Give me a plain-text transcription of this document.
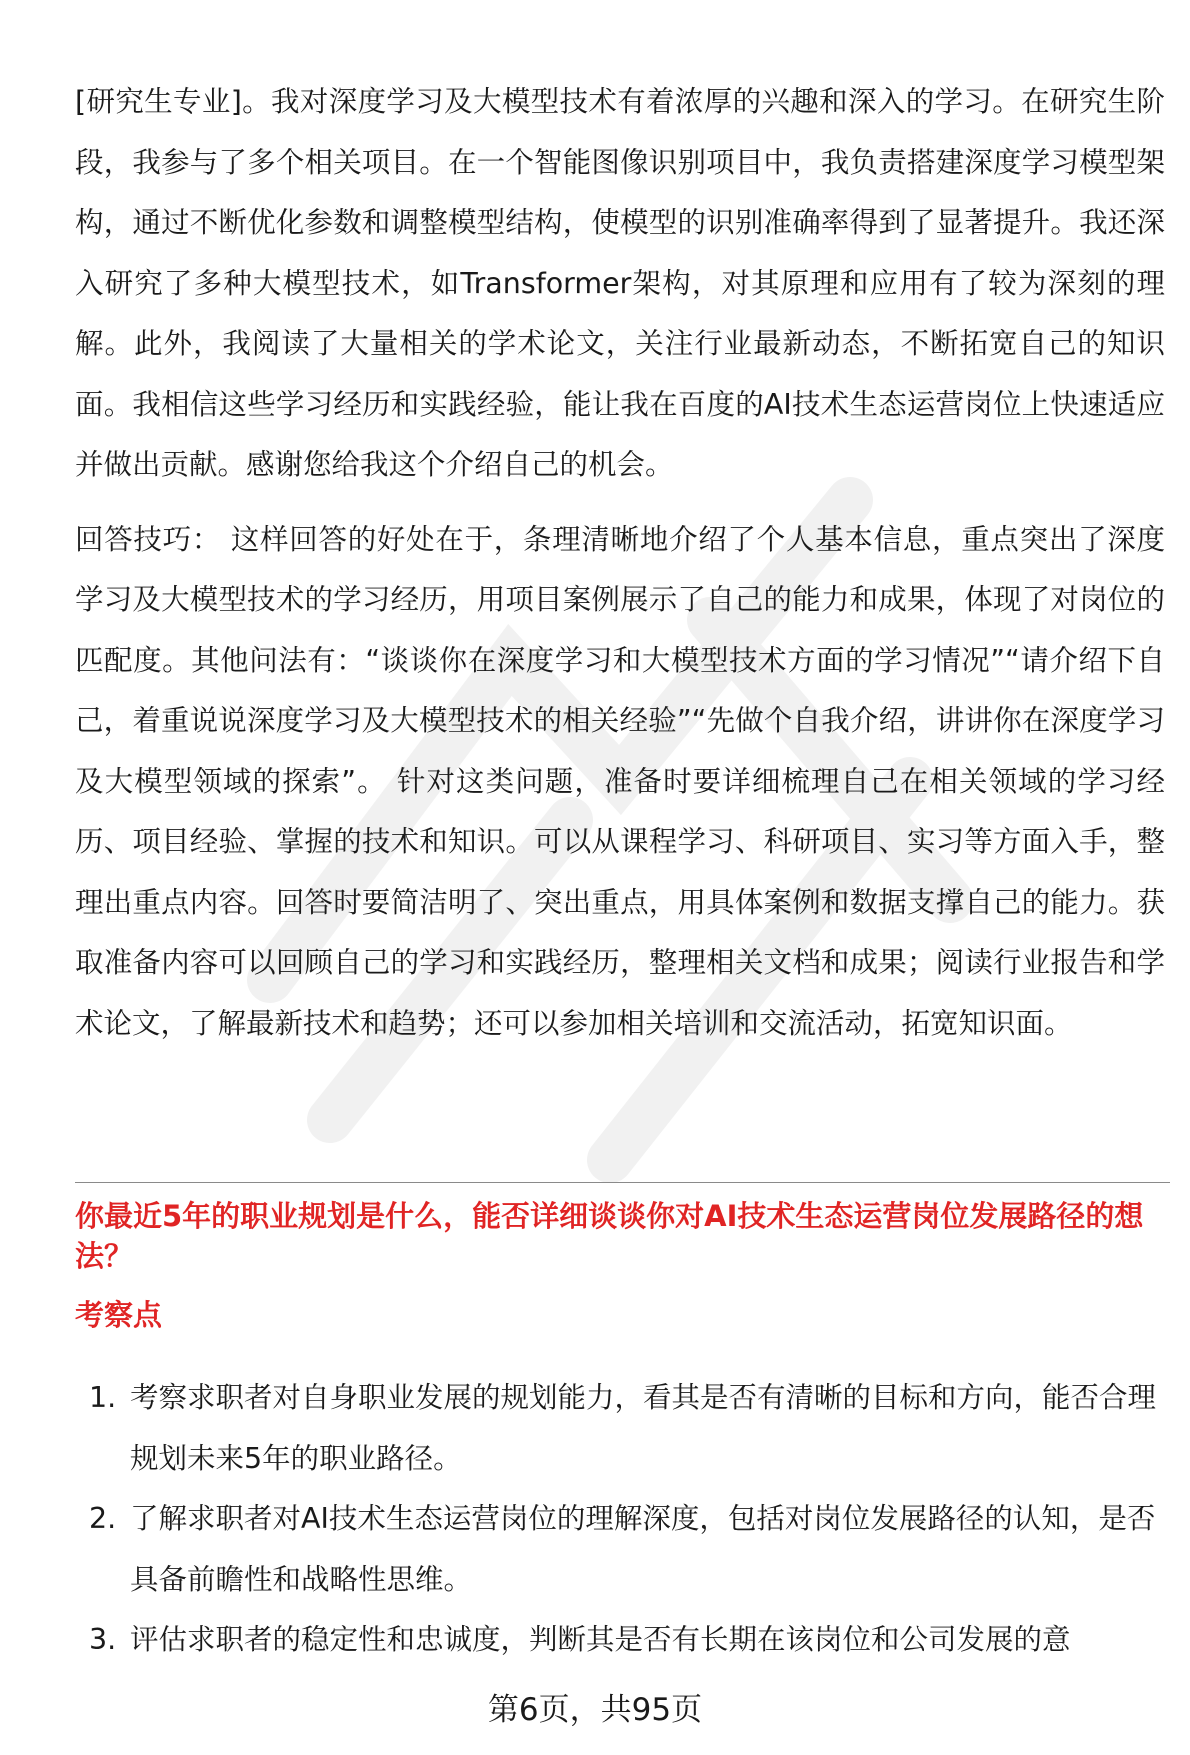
[研究生专业]。我对深度学习及大模型技术有着浓厚的兴趣和深入的学习。在研究生阶段，我参与了多个相关项目。在一个智能图像识别项目中，我负责搭建深度学习模型架构，通过不断优化参数和调整模型结构，使模型的识别准确率得到了显著提升。我还深入研究了多种大模型技术，如Transformer架构，对其原理和应用有了较为深刻的理解。此外，我阅读了大量相关的学术论文，关注行业最新动态，不断拓宽自己的知识面。我相信这些学习经历和实践经验，能让我在百度的AI技术生态运营岗位上快速适应并做出贡献。感谢您给我这个介绍自己的机会。

回答技巧： 这样回答的好处在于，条理清晰地介绍了个人基本信息，重点突出了深度学习及大模型技术的学习经历，用项目案例展示了自己的能力和成果，体现了对岗位的匹配度。其他问法有：“谈谈你在深度学习和大模型技术方面的学习情况”“请介绍下自己，着重说说深度学习及大模型技术的相关经验”“先做个自我介绍，讲讲你在深度学习及大模型领域的探索”。 针对这类问题，准备时要详细梳理自己在相关领域的学习经历、项目经验、掌握的技术和知识。可以从课程学习、科研项目、实习等方面入手，整理出重点内容。回答时要简洁明了、突出重点，用具体案例和数据支撑自己的能力。获取准备内容可以回顾自己的学习和实践经历，整理相关文档和成果；阅读行业报告和学术论文，了解最新技术和趋势；还可以参加相关培训和交流活动，拓宽知识面。

你最近5年的职业规划是什么，能否详细谈谈你对AI技术生态运营岗位发展路径的想法？
考察点
1. 考察求职者对自身职业发展的规划能力，看其是否有清晰的目标和方向，能否合理规划未来5年的职业路径。
2. 了解求职者对AI技术生态运营岗位的理解深度，包括对岗位发展路径的认知，是否具备前瞻性和战略性思维。
3. 评估求职者的稳定性和忠诚度，判断其是否有长期在该岗位和公司发展的意
第6页，共95页
